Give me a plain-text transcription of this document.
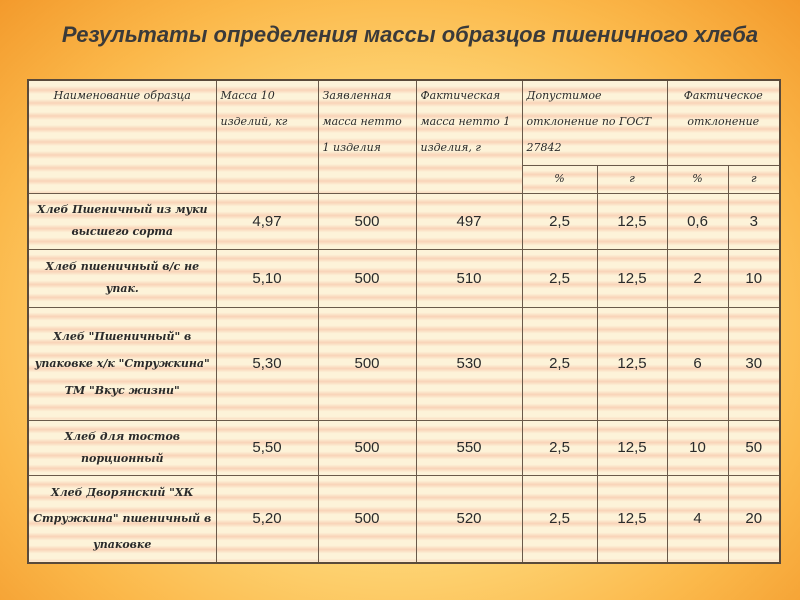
Результаты определения массы образцов пшеничного хлеба
Наименование образца	Масса 10 изделий, кг	Заявленная масса нетто 1 изделия	Фактическая масса нетто 1 изделия, г	Допустимое отклонение по ГОСТ 27842		Фактическое отклонение	
				%	г	%	г
Хлеб Пшеничный из муки высшего сорта	4,97	500	497	2,5	12,5	0,6	3
Хлеб пшеничный в/с не упак.	5,10	500	510	2,5	12,5	2	10
Хлеб "Пшеничный" в упаковке х/к "Стружкина" ТМ "Вкус жизни"	5,30	500	530	2,5	12,5	6	30
Хлеб для тостов порционный	5,50	500	550	2,5	12,5	10	50
Хлеб Дворянский "ХК Стружкина" пшеничный в упаковке	5,20	500	520	2,5	12,5	4	20
